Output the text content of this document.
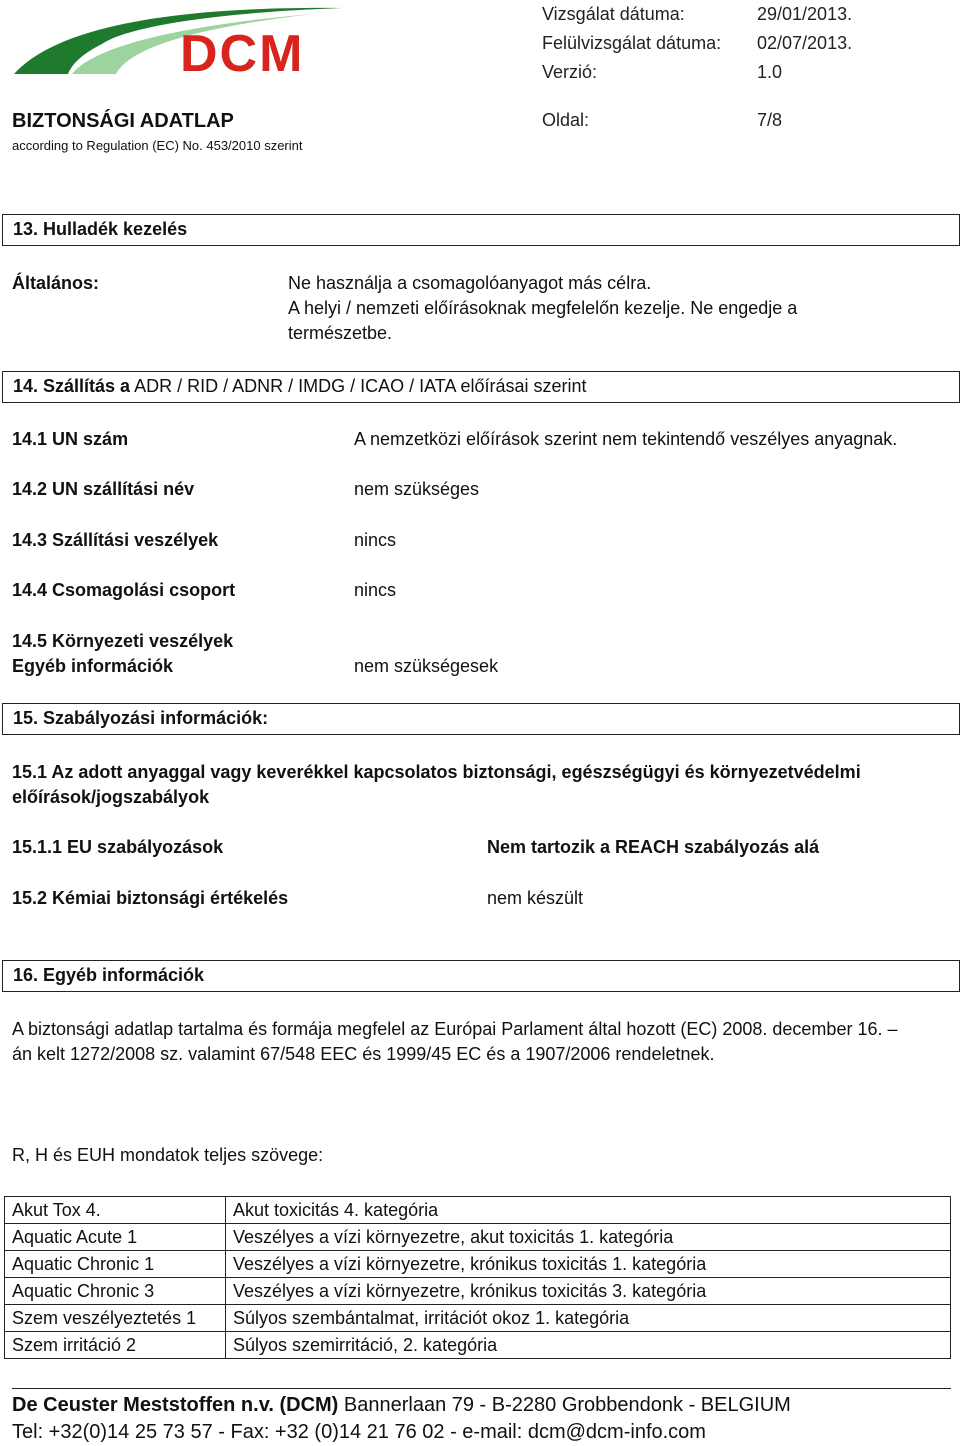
DCM
BIZTONSÁGI ADATLAP
according to Regulation (EC) No. 453/2010 szerint
Vizsgálat dátuma:	29/01/2013.
Felülvizsgálat dátuma: 02/07/2013.
Verzió:	1.0
Oldal:	7/8
13. Hulladék kezelés
Általános:	Ne használja a csomagolóanyagot más célra.
A helyi / nemzeti előírásoknak megfelelőn kezelje. Ne engedje a
természetbe.
14. Szállítás a ADR / RID / ADNR / IMDG / ICAO / IATA előírásai szerint
14.1 UN szám	A nemzetközi előírások szerint nem tekintendő veszélyes anyagnak.
14.2 UN szállítási név	nem szükséges
14.3 Szállítási veszélyek	nincs
14.4 Csomagolási csoport	nincs
14.5 Környezeti veszélyek
Egyéb információk	nem szükségesek
15. Szabályozási információk:
15.1 Az adott anyaggal vagy keverékkel kapcsolatos biztonsági, egészségügyi és környezetvédelmi
előírások/jogszabályok
15.1.1 EU szabályozások	Nem tartozik a REACH szabályozás alá
15.2 Kémiai biztonsági értékelés	nem készült
16. Egyéb információk
A biztonsági adatlap tartalma és formája megfelel az Európai Parlament által hozott (EC) 2008. december 16. –
án kelt 1272/2008 sz. valamint 67/548 EEC és 1999/45 EC és a 1907/2006 rendeletnek.
R, H és EUH mondatok teljes szövege:
Akut Tox 4.	Akut toxicitás 4. kategória
Aquatic Acute 1	Veszélyes a vízi környezetre, akut toxicitás 1. kategória
Aquatic Chronic 1	Veszélyes a vízi környezetre, krónikus toxicitás 1. kategória
Aquatic Chronic 3	Veszélyes a vízi környezetre, krónikus toxicitás 3. kategória
Szem veszélyeztetés 1	Súlyos szembántalmat, irritációt okoz 1. kategória
Szem irritáció 2	Súlyos szemirritáció, 2. kategória
De Ceuster Meststoffen n.v. (DCM) Bannerlaan 79 - B-2280 Grobbendonk - BELGIUM
Tel: +32(0)14 25 73 57 - Fax: +32 (0)14 21 76 02 - e-mail: dcm@dcm-info.com
